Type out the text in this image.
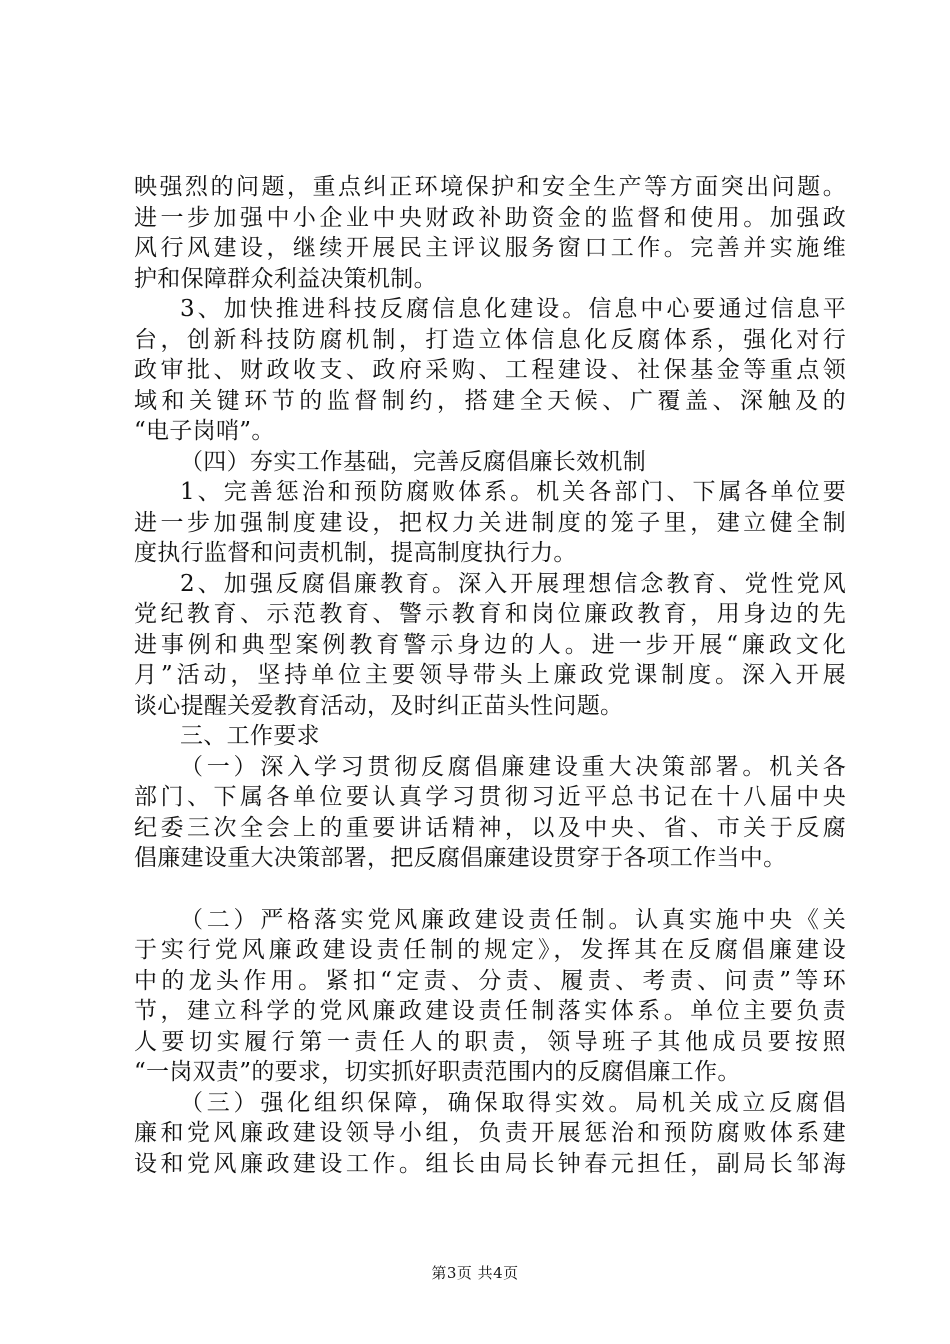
映强烈的问题，重点纠正环境保护和安全生产等方面突出问题。
进一步加强中小企业中央财政补助资金的监督和使用。加强政
风行风建设，继续开展民主评议服务窗口工作。完善并实施维
护和保障群众利益决策机制。
3、加快推进科技反腐信息化建设。信息中心要通过信息平
台，创新科技防腐机制，打造立体信息化反腐体系，强化对行
政审批、财政收支、政府采购、工程建设、社保基金等重点领
域和关键环节的监督制约，搭建全天候、广覆盖、深触及的
“电子岗哨”。
（四）夯实工作基础，完善反腐倡廉长效机制
1、完善惩治和预防腐败体系。机关各部门、下属各单位要
进一步加强制度建设，把权力关进制度的笼子里，建立健全制
度执行监督和问责机制，提高制度执行力。
2、加强反腐倡廉教育。深入开展理想信念教育、党性党风
党纪教育、示范教育、警示教育和岗位廉政教育，用身边的先
进事例和典型案例教育警示身边的人。进一步开展“廉政文化
月”活动，坚持单位主要领导带头上廉政党课制度。深入开展
谈心提醒关爱教育活动，及时纠正苗头性问题。
三、工作要求
（一）深入学习贯彻反腐倡廉建设重大决策部署。机关各
部门、下属各单位要认真学习贯彻习近平总书记在十八届中央
纪委三次全会上的重要讲话精神，以及中央、省、市关于反腐
倡廉建设重大决策部署，把反腐倡廉建设贯穿于各项工作当中。
（二）严格落实党风廉政建设责任制。认真实施中央《关
于实行党风廉政建设责任制的规定》，发挥其在反腐倡廉建设
中的龙头作用。紧扣“定责、分责、履责、考责、问责”等环
节，建立科学的党风廉政建设责任制落实体系。单位主要负责
人要切实履行第一责任人的职责，领导班子其他成员要按照
“一岗双责”的要求，切实抓好职责范围内的反腐倡廉工作。
（三）强化组织保障，确保取得实效。局机关成立反腐倡
廉和党风廉政建设领导小组，负责开展惩治和预防腐败体系建
设和党风廉政建设工作。组长由局长钟春元担任，副局长邹海
第3页 共4页
